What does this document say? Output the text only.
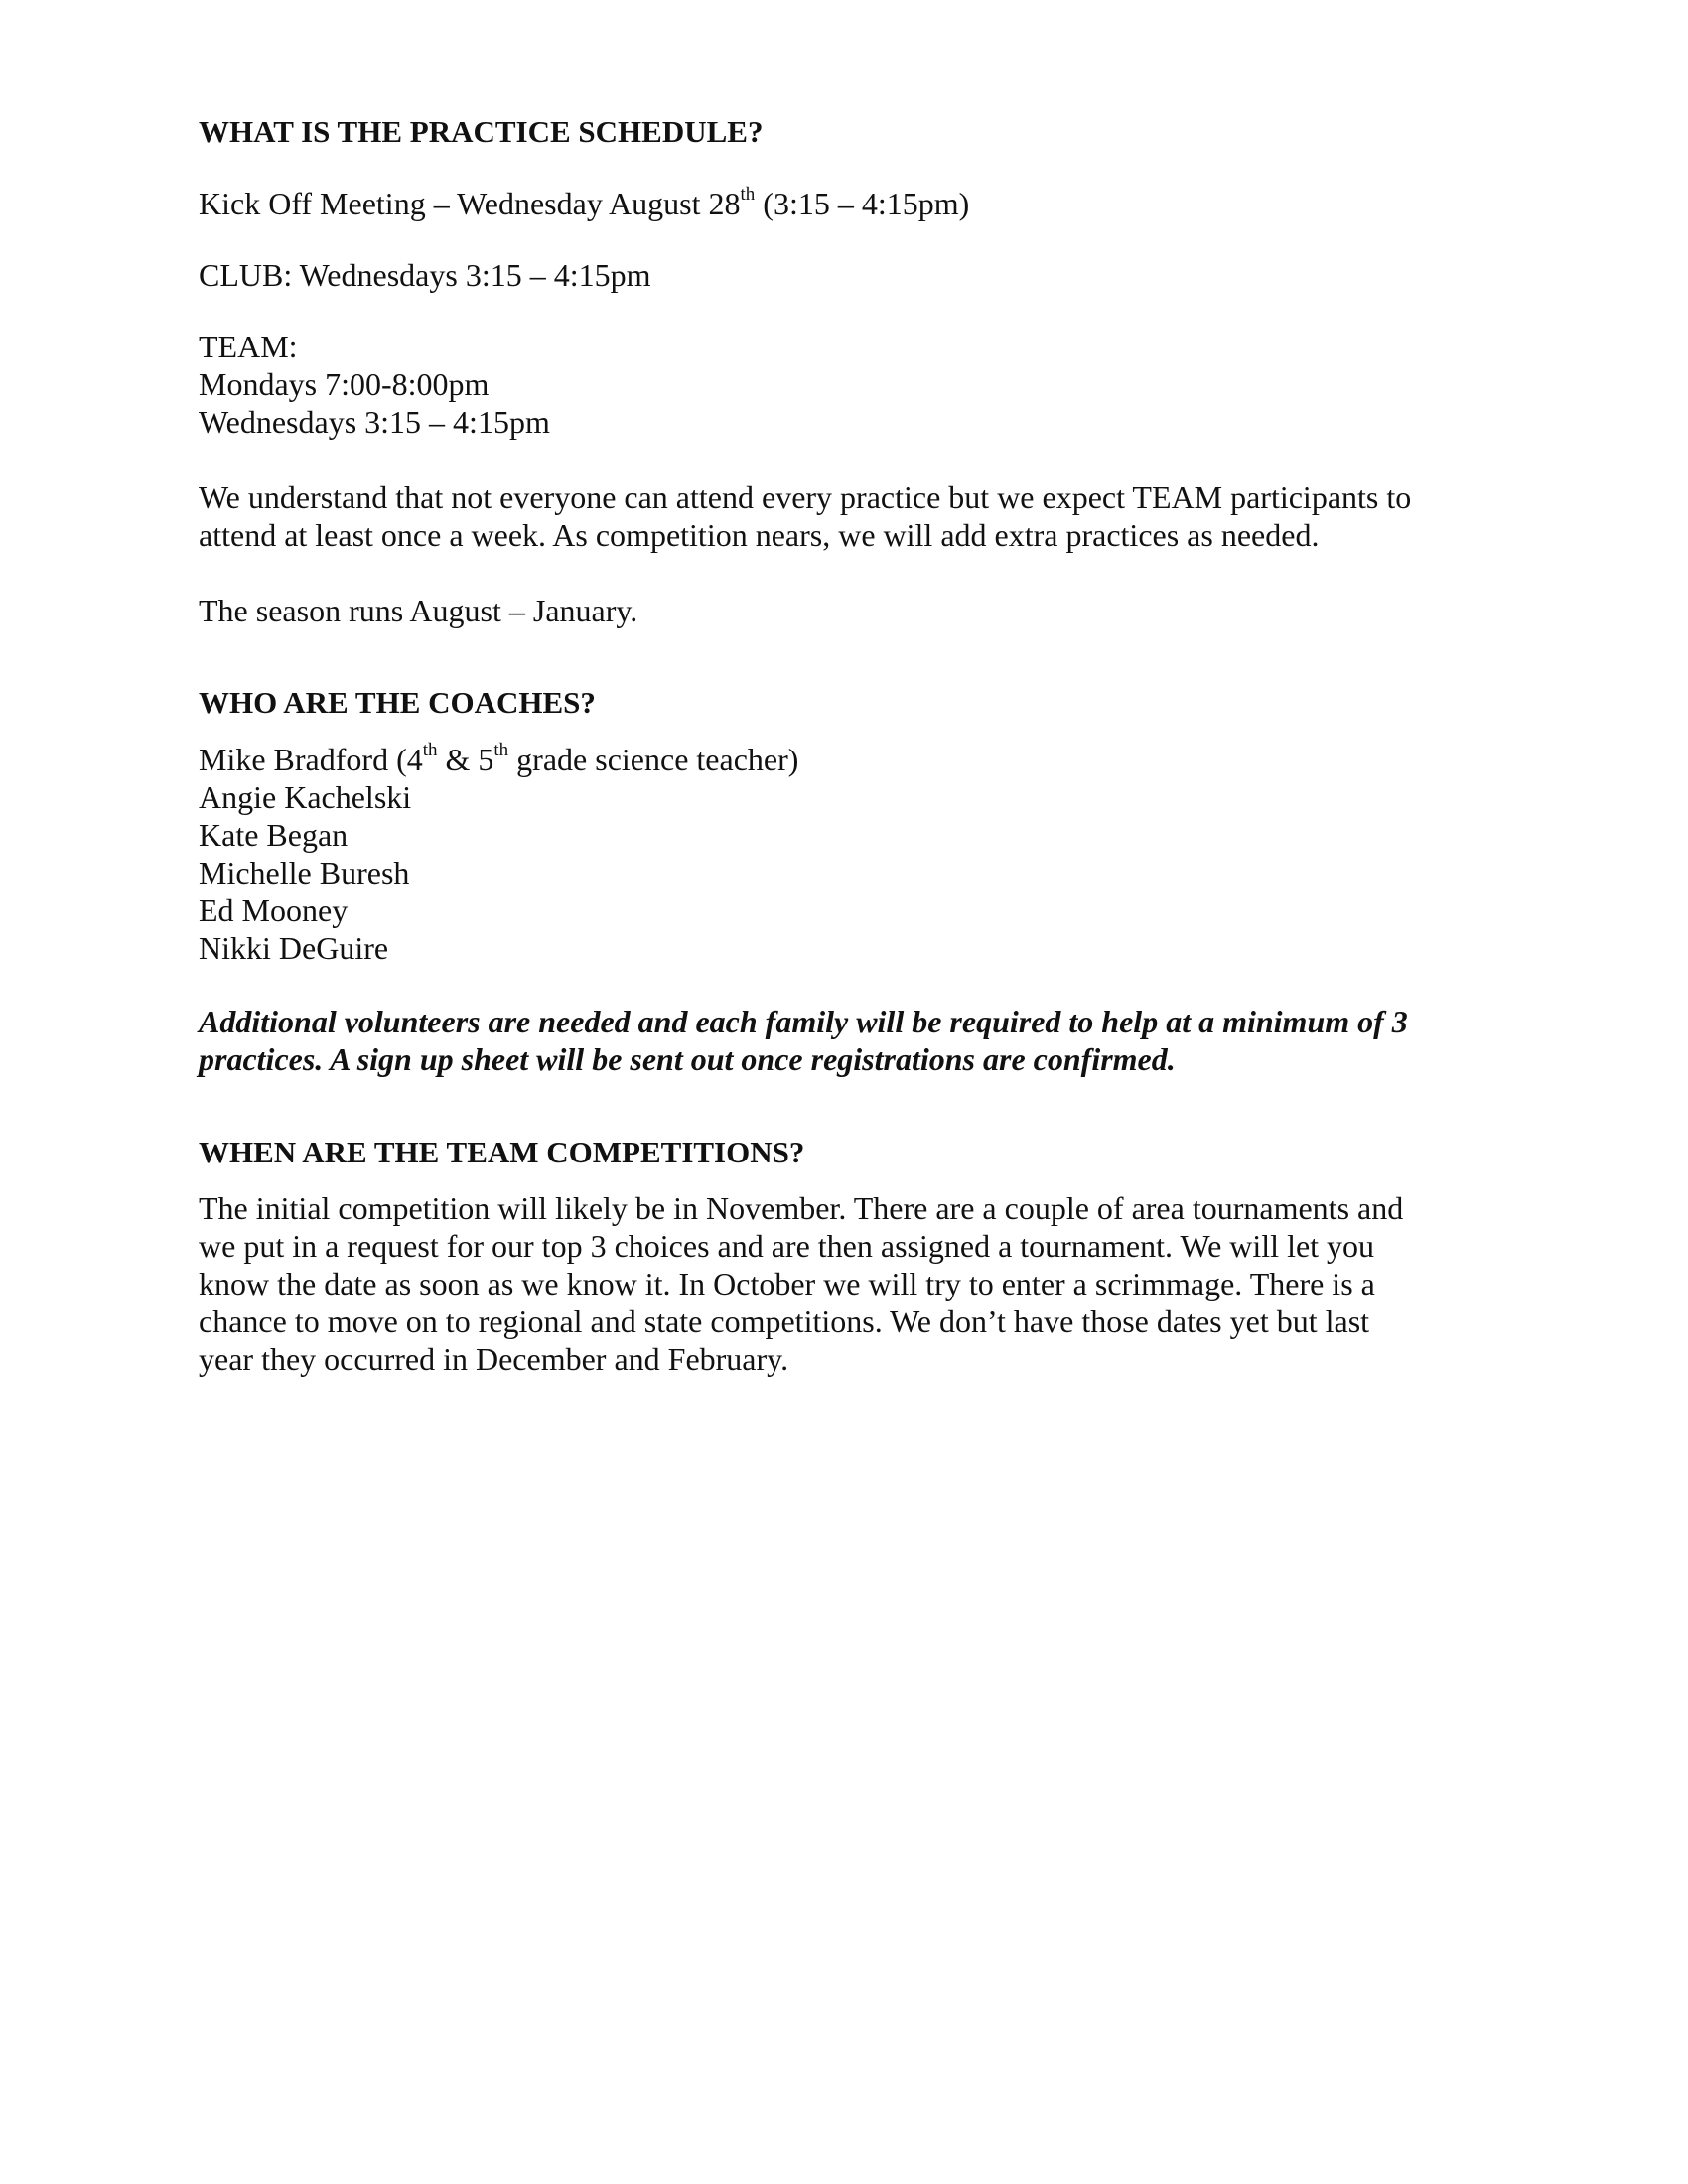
WHAT IS THE PRACTICE SCHEDULE?

Kick Off Meeting – Wednesday August 28th (3:15 – 4:15pm)

CLUB: Wednesdays 3:15 – 4:15pm

TEAM:
Mondays 7:00-8:00pm
Wednesdays 3:15 – 4:15pm
We understand that not everyone can attend every practice but we expect TEAM participants to
attend at least once a week. As competition nears, we will add extra practices as needed.

The season runs August – January.

WHO ARE THE COACHES?

Mike Bradford (4th & 5th grade science teacher)
Angie Kachelski
Kate Began
Michelle Buresh
Ed Mooney
Nikki DeGuire
Additional volunteers are needed and each family will be required to help at a minimum of 3
practices. A sign up sheet will be sent out once registrations are confirmed.

WHEN ARE THE TEAM COMPETITIONS?

The initial competition will likely be in November. There are a couple of area tournaments and
we put in a request for our top 3 choices and are then assigned a tournament. We will let you
know the date as soon as we know it. In October we will try to enter a scrimmage. There is a
chance to move on to regional and state competitions. We don’t have those dates yet but last
year they occurred in December and February.
